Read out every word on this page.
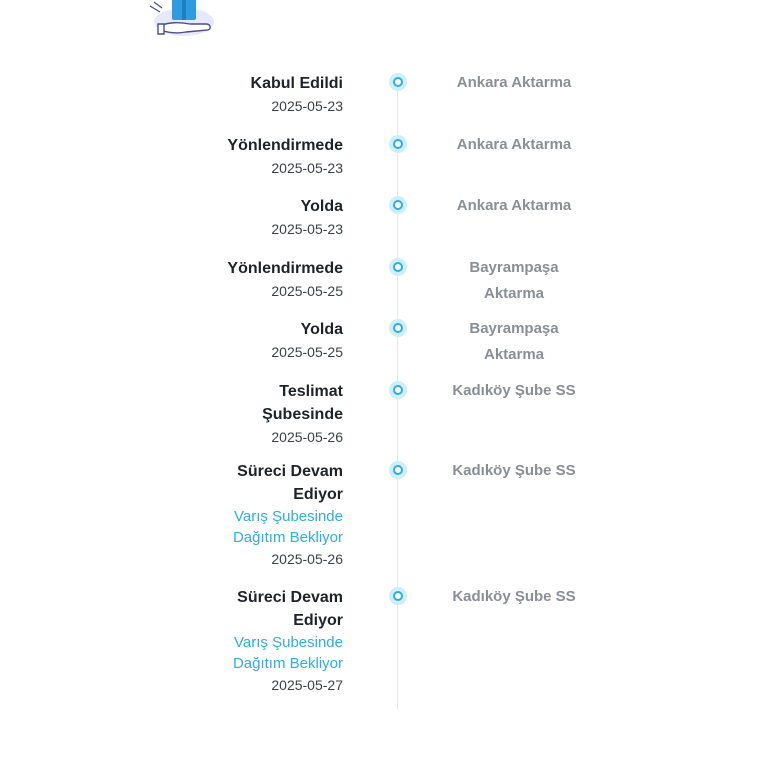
Kabul Edildi
2025-05-23
Ankara Aktarma
Yönlendirmede
2025-05-23
Ankara Aktarma
Yolda
2025-05-23
Ankara Aktarma
Yönlendirmede
2025-05-25
Bayrampaşa Aktarma
Yolda
2025-05-25
Bayrampaşa Aktarma
Teslimat Şubesinde
2025-05-26
Kadıköy Şube SS
Süreci Devam Ediyor
Varış Şubesinde Dağıtım Bekliyor
2025-05-26
Kadıköy Şube SS
Süreci Devam Ediyor
Varış Şubesinde Dağıtım Bekliyor
2025-05-27
Kadıköy Şube SS
